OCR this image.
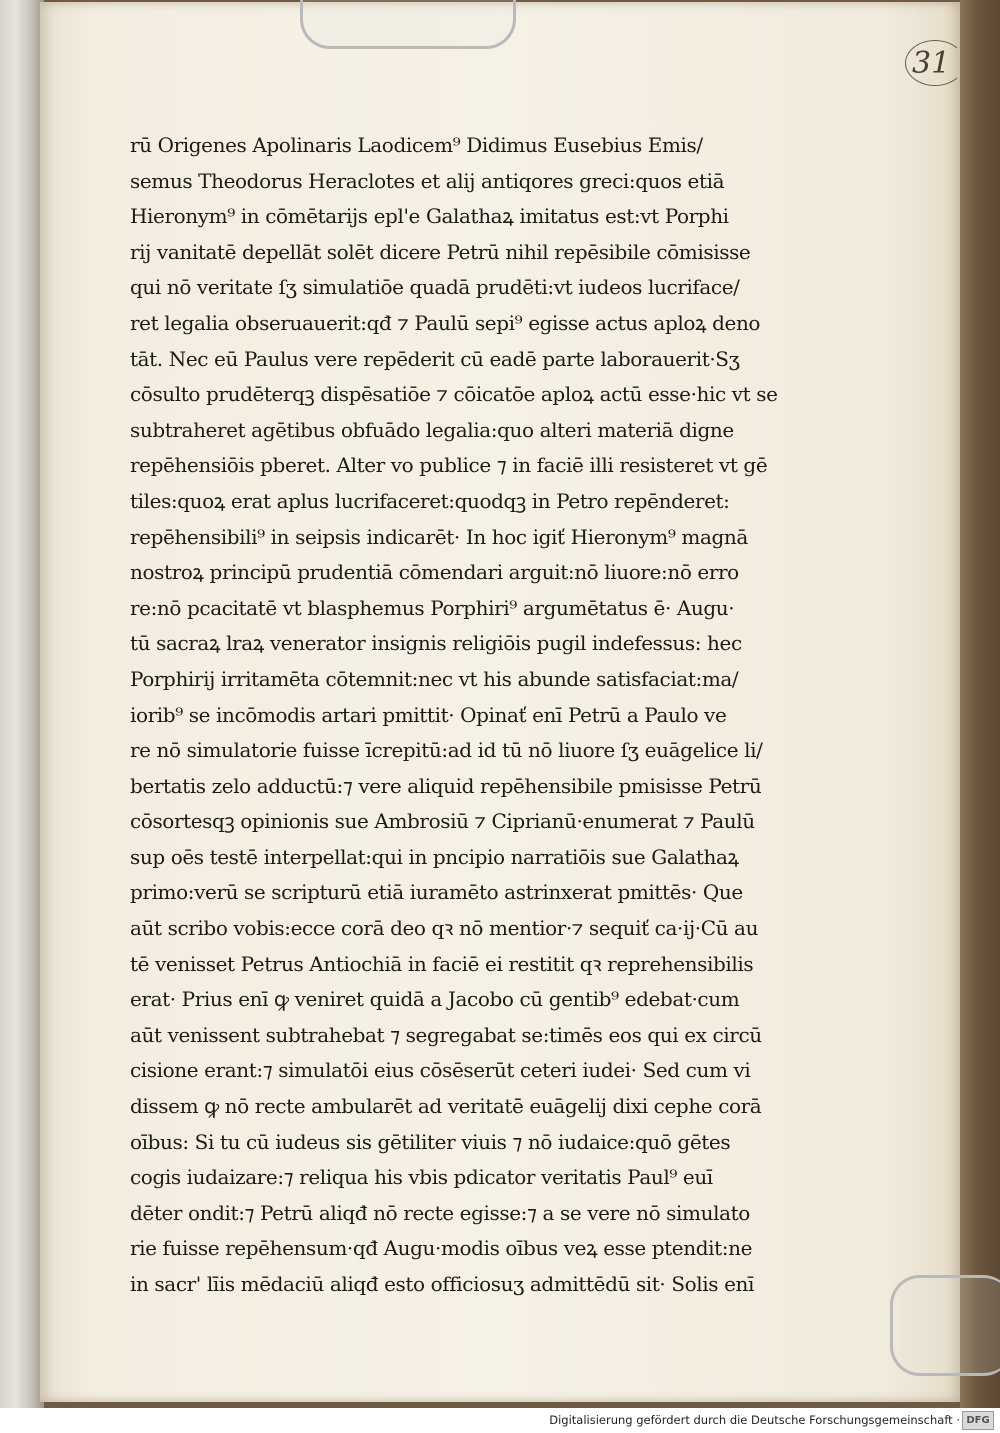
31
rū Origenes Apolinaris Laodicem⁹ Didimus Eusebius Emis/
semus Theodorus Heraclotes et alij antiqores greci:quos etiā
Hieronym⁹ in cōmētarijs epl'e Galathaꝝ imitatus est:vt Porphi
rij vanitatē depellāt solēt dicere Petrū nihil repēsibile cōmisisse
qui nō veritate ſʒ simulatiōe quadā prudēti:vt iudeos lucriface/
ret legalia obseruauerit:qđ ⁊ Paulū sepi⁹ egisse actus aploꝝ deno
tāt. Nec eū Paulus vere repēderit cū eadē parte laborauerit·Sʒ
cōsulto prudēterqꝫ dispēsatiōe ⁊ cōicatōe aploꝝ actū esse·hic vt se
subtraheret agētibus obfuādo legalia:quo alteri materiā digne
repēhensiōis pberet. Alter vo publice ⁊ in faciē illi resisteret vt gē
tiles:quoꝝ erat aplus lucrifaceret:quodqꝫ in Petro repēnderet:
repēhensibili⁹ in seipsis indicarēt· In hoc igiť Hieronym⁹ magnā
nostroꝝ principū prudentiā cōmendari arguit:nō liuore:nō erro
re:nō pcacitatē vt blasphemus Porphiri⁹ argumētatus ē· Augu·
tū sacraꝝ lraꝝ venerator insignis religiōis pugil indefessus: hec
Porphirij irritamēta cōtemnit:nec vt his abunde satisfaciat:ma/
iorib⁹ se incōmodis artari pmittit· Opinať enī Petrū a Paulo ve
re nō simulatorie fuisse īcrepitū:ad id tū nō liuore ſʒ euāgelice li/
bertatis zelo adductū:⁊ vere aliquid repēhensibile pmisisse Petrū
cōsortesqꝫ opinionis sue Ambrosiū ⁊ Ciprianū·enumerat ⁊ Paulū
sup oēs testē interpellat:qui in pncipio narratiōis sue Galathaꝝ
primo:verū se scripturū etiā iuramēto astrinxerat pmittēs· Que
aūt scribo vobis:ecce corā deo qꝛ nō mentior·⁊ sequiť ca·ij·Cū au
tē venisset Petrus Antiochiā in faciē ei restitit qꝛ reprehensibilis
erat· Prius enī ꝙ veniret quidā a Jacobo cū gentib⁹ edebat·cum
aūt venissent subtrahebat ⁊ segregabat se:timēs eos qui ex circū
cisione erant:⁊ simulatōi eius cōsēserūt ceteri iudei· Sed cum vi
dissem ꝙ nō recte ambularēt ad veritatē euāgelij dixi cephe corā
oībus: Si tu cū iudeus sis gētiliter viuis ⁊ nō iudaice:quō gētes
cogis iudaizare:⁊ reliqua his vbis pdicator veritatis Paul⁹ euī
dēter ondit:⁊ Petrū aliqđ nō recte egisse:⁊ a se vere nō simulato
rie fuisse repēhensum·qđ Augu·modis oībus veꝝ esse ptendit:ne
in sacr' līis mēdaciū aliqđ esto officiosuʒ admittēdū sit· Solis enī
Digitalisierung gefördert durch die Deutsche Forschungsgemeinschaft · DFG
